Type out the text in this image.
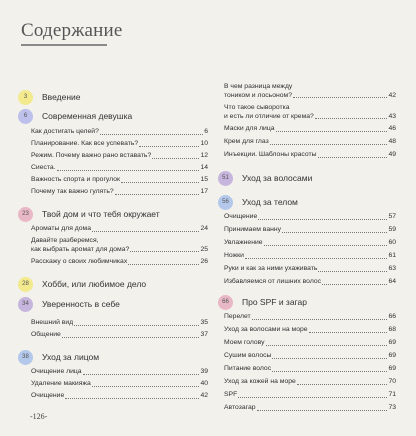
Содержание
3	Введение
6	Современная девушка
Как достигать целей?	6
Планирование. Как все успевать?	10
Режим. Почему важно рано вставать?	12
Сиеста.	14
Важность спорта и прогулок	15
Почему так важно гулять?	17
23	Твой дом и что тебя окружает
Ароматы для дома	24
Давайте разберемся,
как выбрать аромат для дома?	25
Расскажу о своих любимчиках	26
28	Хобби, или любимое дело
34	Уверенность в себе
Внешний вид	35
Общение	37
38	Уход за лицом
Очищение лица	39
Удаление макияжа	40
Очищение	42
В чем разница между
тоником и лосьоном?	42
Что такое сыворотка
и есть ли отличие от крема?	43
Маски для лица	46
Крем для глаз	48
Инъекции. Шаблоны красоты	49
51	Уход за волосами
56	Уход за телом
Очищение	57
Принимаем ванну	59
Увлажнение	60
Ножки	61
Руки и как за ними ухаживать	63
Избавляемся от лишних волос	64
66	Про SPF и загар
Перелет	66
Уход за волосами на море	68
Моем голову	69
Сушим волосы	69
Питание волос	69
Уход за кожей на море	70
SPF	71
Автозагар	73
-126-
